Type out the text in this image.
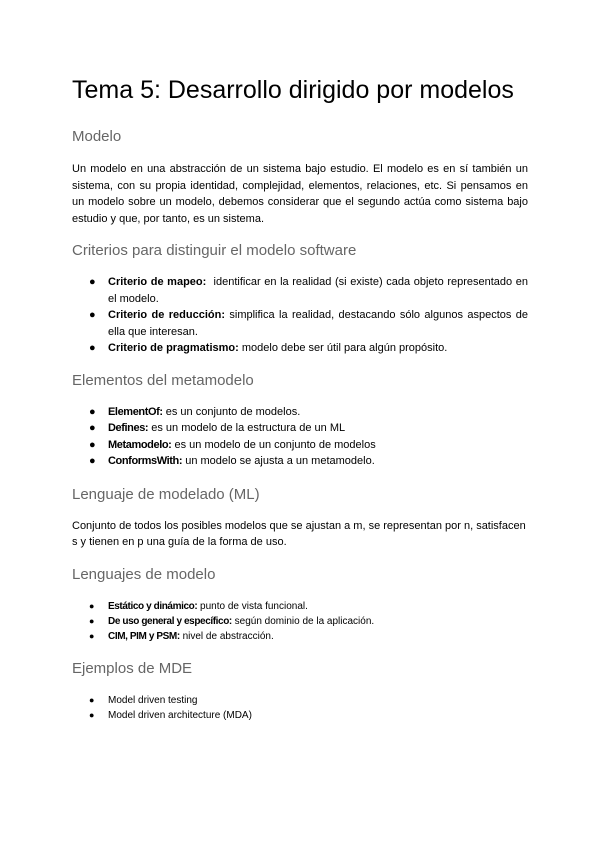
Tema 5: Desarrollo dirigido por modelos
Modelo

Un modelo en una abstracción de un sistema bajo estudio. El modelo es en sí también un sistema, con su propia identidad, complejidad, elementos, relaciones, etc. Si pensamos en un modelo sobre un modelo, debemos considerar que el segundo actúa como sistema bajo estudio y que, por tanto, es un sistema.

Criterios para distinguir el modelo software
● Criterio de mapeo:  identificar en la realidad (si existe) cada objeto representado en el modelo.
● Criterio de reducción: simplifica la realidad, destacando sólo algunos aspectos de ella que interesan.
● Criterio de pragmatismo: modelo debe ser útil para algún propósito.
Elementos del metamodelo
● ElementOf: es un conjunto de modelos.
● Defines: es un modelo de la estructura de un ML
● Metamodelo: es un modelo de un conjunto de modelos
● ConformsWith: un modelo se ajusta a un metamodelo.
Lenguaje de modelado (ML)

Conjunto de todos los posibles modelos que se ajustan a m, se representan por n, satisfacen s y tienen en p una guía de la forma de uso.

Lenguajes de modelo
● Estático y dinámico: punto de vista funcional.
● De uso general y específico: según dominio de la aplicación.
● CIM, PIM y PSM: nivel de abstracción.
Ejemplos de MDE
● Model driven testing
● Model driven architecture (MDA)
